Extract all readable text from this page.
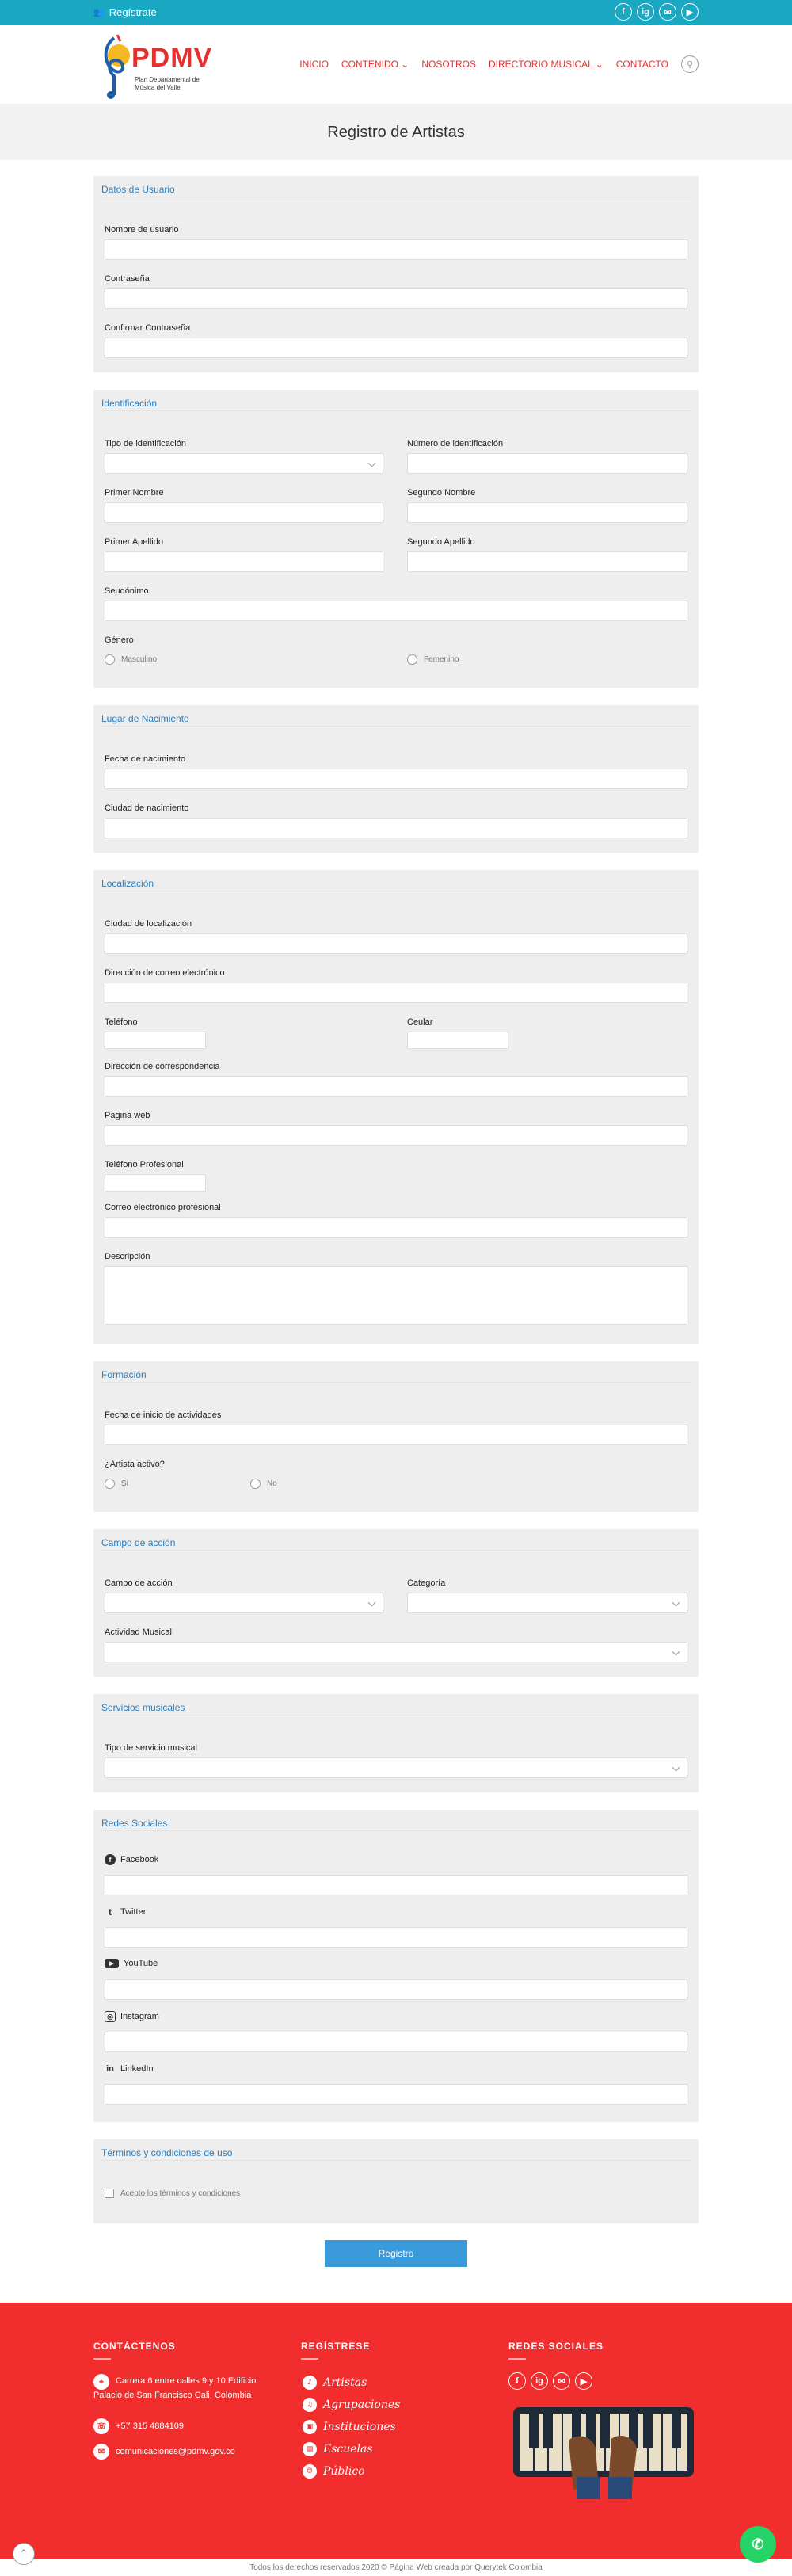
👥 Regístrate	f	ig	✉	▶
PDMV
Plan Departamental de
Música del Valle
INICIO CONTENIDO ⌄ NOSOTROS DIRECTORIO MUSICAL ⌄ CONTACTO ⚲
Registro de Artistas
Datos de Usuario
Nombre de usuario
Contraseña
Confirmar Contraseña
Identificación
Tipo de identificación	Número de identificación
Primer Nombre	Segundo Nombre
Primer Apellido	Segundo Apellido
Seudónimo
Género
Masculino	Femenino
Lugar de Nacimiento
Fecha de nacimiento
Ciudad de nacimiento
Localización
Ciudad de localización
Dirección de correo electrónico
Teléfono	Ceular
Dirección de correspondencia
Página web
Teléfono Profesional
Correo electrónico profesional
Descripción
Formación
Fecha de inicio de actividades
¿Artista activo?
Si	No
Campo de acción
Campo de acción	Categoría
Actividad Musical
Servicios musicales
Tipo de servicio musical
Redes Sociales
f	Facebook
t	Twitter
▶	YouTube
◎ Instagram
in LinkedIn
Términos y condiciones de uso
Acepto los términos y condiciones
Registro
CONTÁCTENOS
⌖	Carrera 6 entre calles 9 y 10 Edificio
Palacio de San Francisco Cali, Colombia
☏	+57 315 4884109
✉	comunicaciones@pdmv.gov.co
REGÍSTRESE
♪	Artistas
♫ Agrupaciones
▣ Instituciones
▤ Escuelas
☺ Público
REDES SOCIALES
f	ig	✉	▶
Todos los derechos reservados 2020 © Página Web creada por Querytek Colombia
⌃
✆
